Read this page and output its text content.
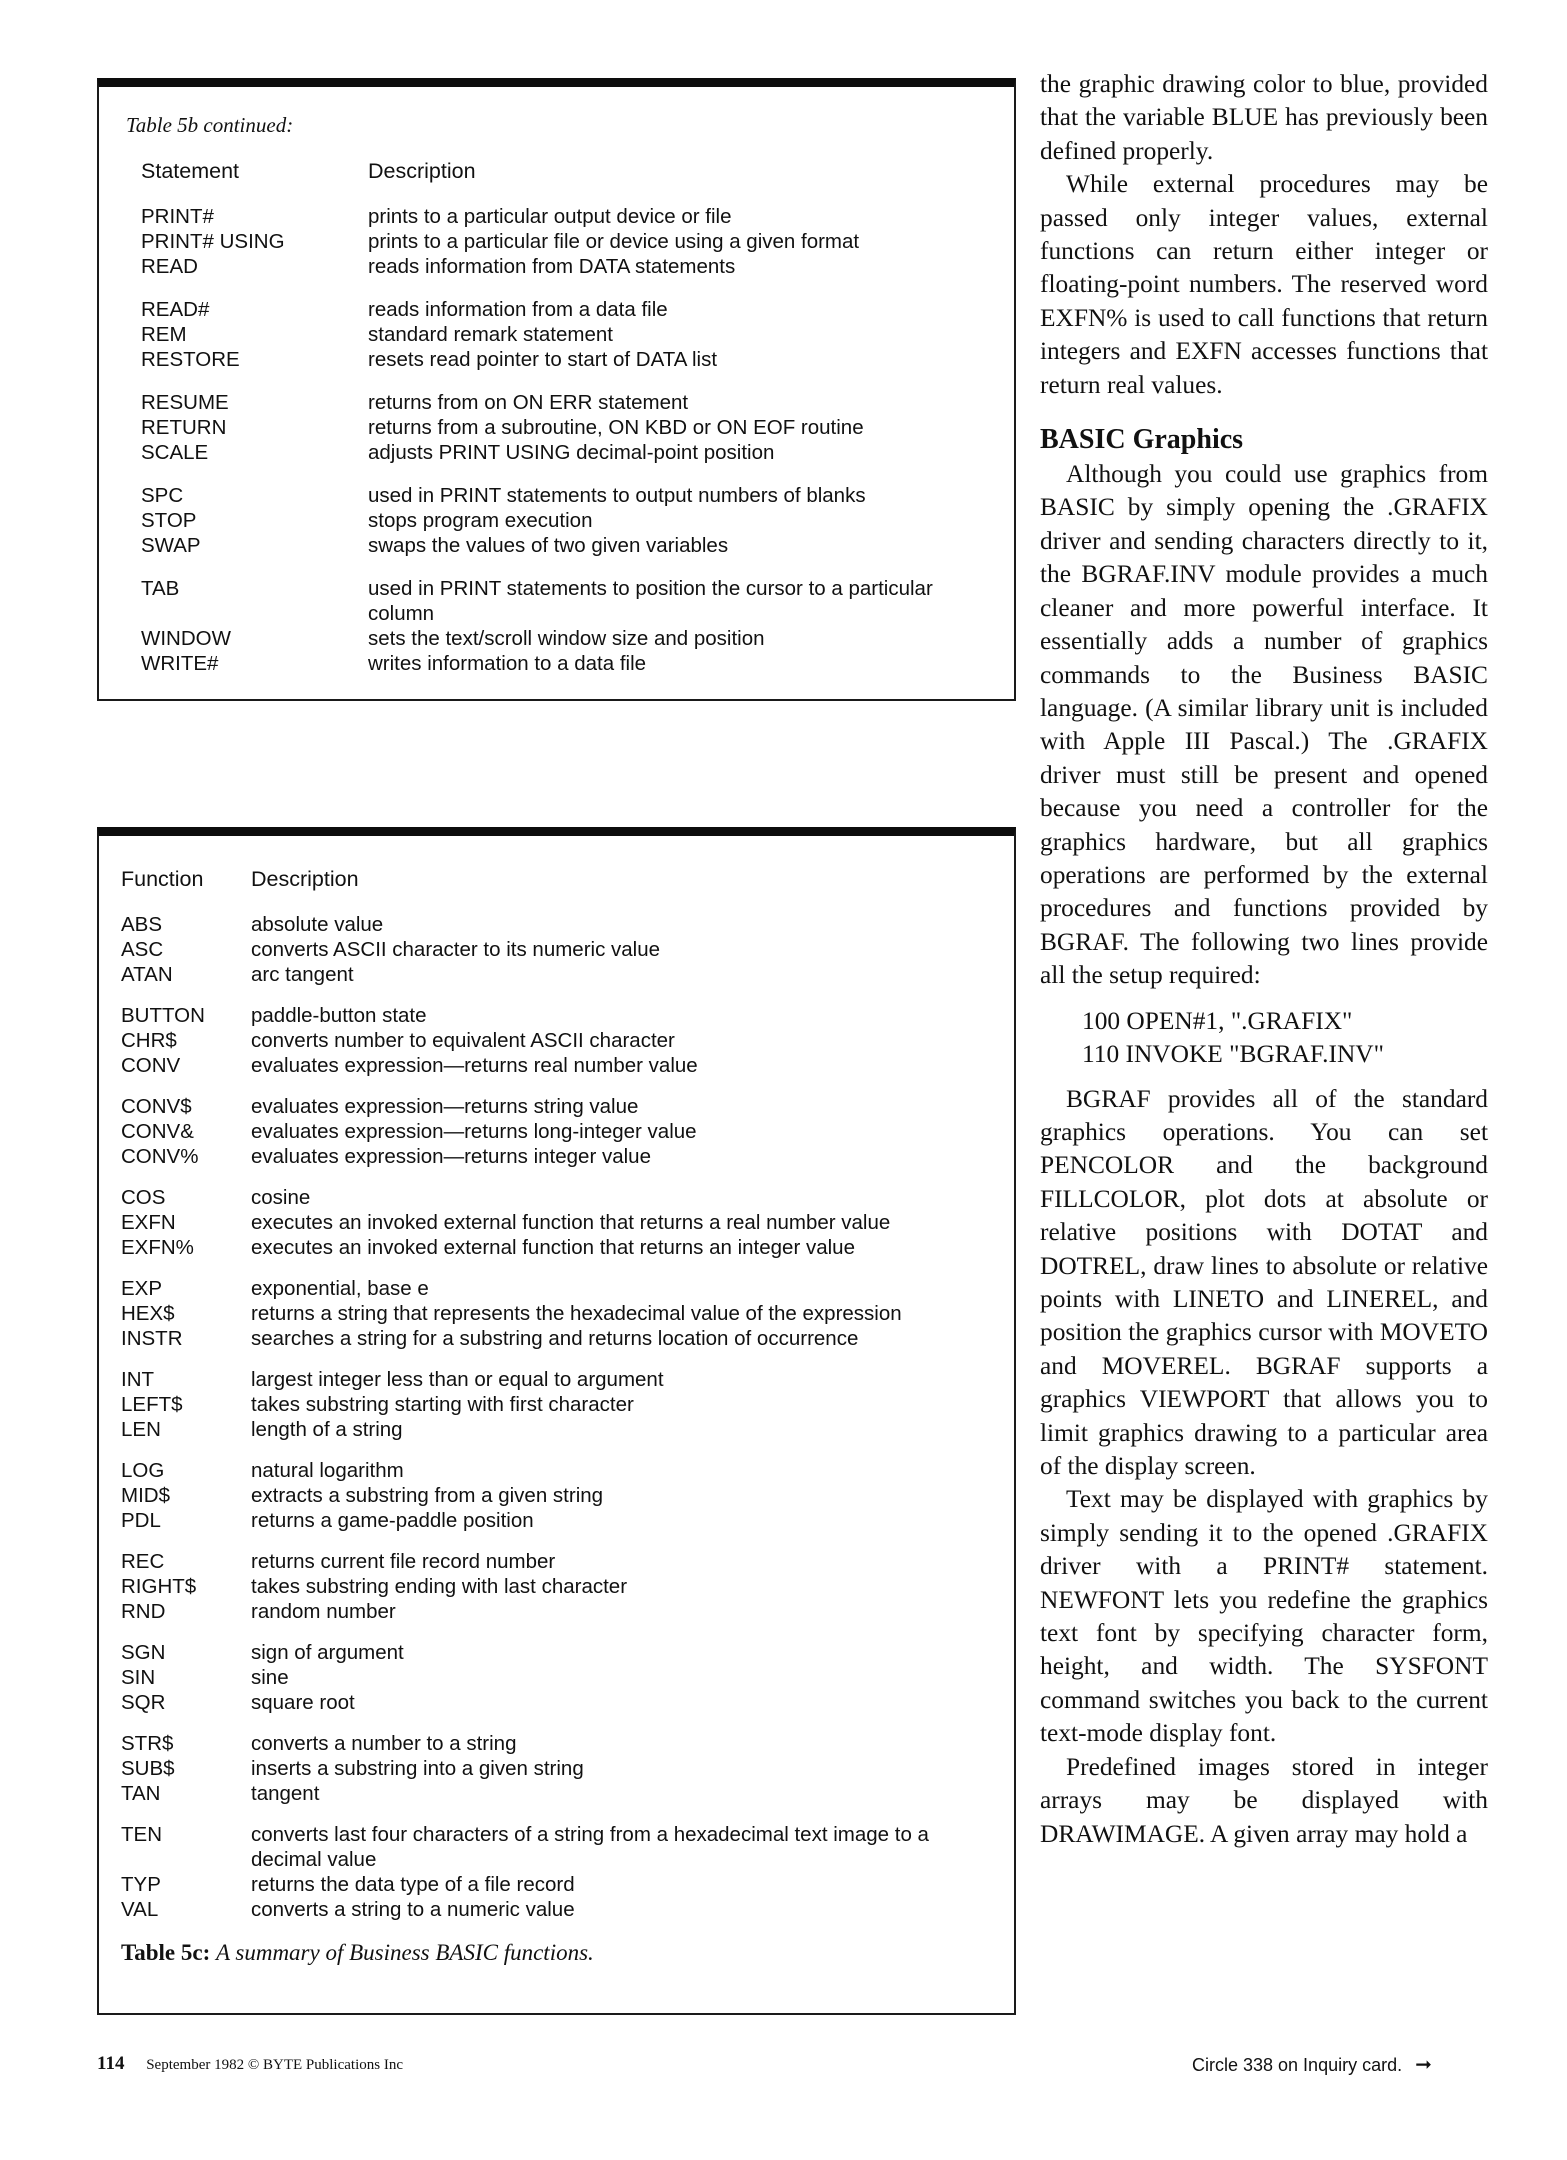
Table 5b continued:
Statement	Description
PRINT#	prints to a particular output device or file
PRINT# USING	prints to a particular file or device using a given format
READ	reads information from DATA statements
READ#	reads information from a data file
REM	standard remark statement
RESTORE	resets read pointer to start of DATA list
RESUME	returns from on ON ERR statement
RETURN	returns from a subroutine, ON KBD or ON EOF routine
SCALE	adjusts PRINT USING decimal-point position
SPC	used in PRINT statements to output numbers of blanks
STOP	stops program execution
SWAP	swaps the values of two given variables
TAB	used in PRINT statements to position the cursor to a particular column
WINDOW	sets the text/scroll window size and position
WRITE#	writes information to a data file
Function	Description
ABS	absolute value
ASC	converts ASCII character to its numeric value
ATAN	arc tangent
BUTTON	paddle-button state
CHR$	converts number to equivalent ASCII character
CONV	evaluates expression—returns real number value
CONV$	evaluates expression—returns string value
CONV&	evaluates expression—returns long-integer value
CONV%	evaluates expression—returns integer value
COS	cosine
EXFN	executes an invoked external function that returns a real number value
EXFN%	executes an invoked external function that returns an integer value
EXP	exponential, base e
HEX$	returns a string that represents the hexadecimal value of the expression
INSTR	searches a string for a substring and returns location of occurrence
INT	largest integer less than or equal to argument
LEFT$	takes substring starting with first character
LEN	length of a string
LOG	natural logarithm
MID$	extracts a substring from a given string
PDL	returns a game-paddle position
REC	returns current file record number
RIGHT$	takes substring ending with last character
RND	random number
SGN	sign of argument
SIN	sine
SQR	square root
STR$	converts a number to a string
SUB$	inserts a substring into a given string
TAN	tangent
TEN	converts last four characters of a string from a hexadecimal text image to a decimal value
TYP	returns the data type of a file record
VAL	converts a string to a numeric value
Table 5c: A summary of Business BASIC functions.

the graphic drawing color to blue, provided that the variable BLUE has previously been defined properly.

While external procedures may be passed only integer values, external functions can return either integer or floating-point numbers. The reserved word EXFN% is used to call functions that return integers and EXFN accesses functions that return real values.

BASIC Graphics

Although you could use graphics from BASIC by simply opening the .GRAFIX driver and sending characters directly to it, the BGRAF.INV module provides a much cleaner and more powerful interface. It essentially adds a number of graphics commands to the Business BASIC language. (A similar library unit is included with Apple III Pascal.) The .GRAFIX driver must still be present and opened because you need a controller for the graphics hardware, but all graphics operations are performed by the external procedures and functions provided by BGRAF. The following two lines provide all the setup required:

100 OPEN#1, ".GRAFIX"
110 INVOKE "BGRAF.INV"

BGRAF provides all of the standard graphics operations. You can set PENCOLOR and the background FILLCOLOR, plot dots at absolute or relative positions with DOTAT and DOTREL, draw lines to absolute or relative points with LINETO and LINEREL, and position the graphics cursor with MOVETO and MOVEREL. BGRAF supports a graphics VIEWPORT that allows you to limit graphics drawing to a particular area of the display screen.

Text may be displayed with graphics by simply sending it to the opened .GRAFIX driver with a PRINT# statement. NEWFONT lets you redefine the graphics text font by specifying character form, height, and width. The SYSFONT command switches you back to the current text-mode display font.

Predefined images stored in integer arrays may be displayed with DRAWIMAGE. A given array may hold a

114 September 1982 © BYTE Publications Inc	Circle 338 on Inquiry card. ➞
